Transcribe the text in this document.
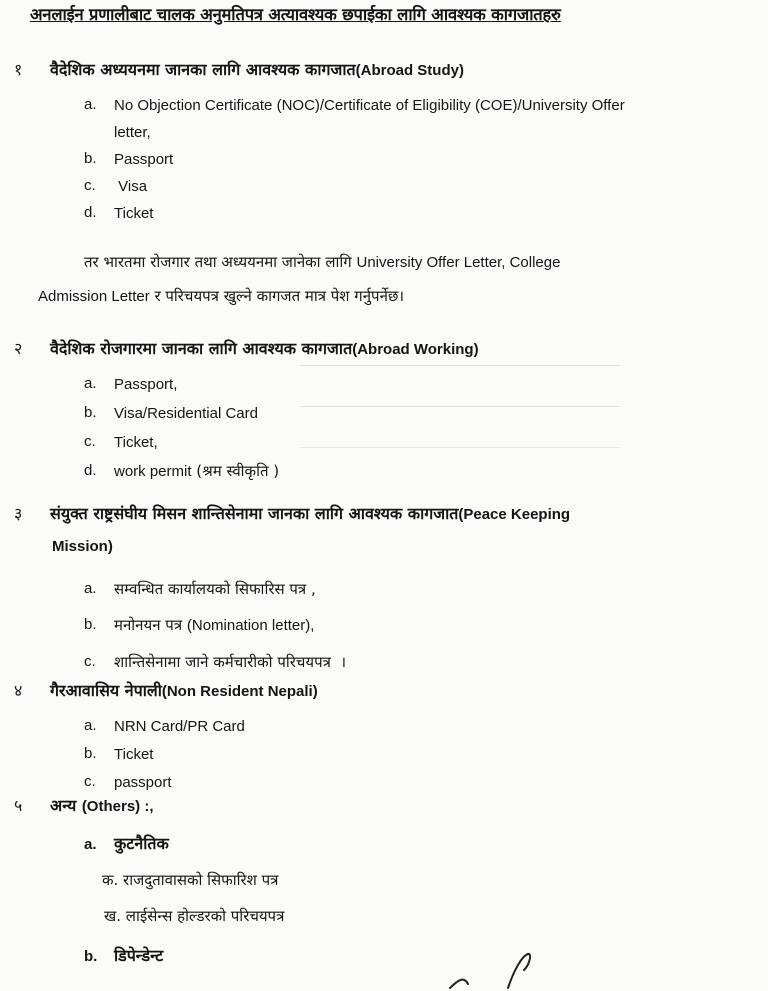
अनलाईन प्रणालीबाट चालक अनुमतिपत्र अत्यावश्यक छपाईका लागि आवश्यक कागजातहरु
१ वैदेशिक अध्ययनमा जानका लागि आवश्यक कागजात(Abroad Study)
a.	No Objection Certificate (NOC)/Certificate of Eligibility (COE)/University Offer
letter,
b.	Passport
c.	Visa
d.	Ticket
तर भारतमा रोजगार तथा अध्ययनमा जानेका लागि University Offer Letter, College
Admission Letter र परिचयपत्र खुल्ने कागजत मात्र पेश गर्नुपर्नेछ।
२ वैदेशिक रोजगारमा जानका लागि आवश्यक कागजात(Abroad Working)
a.	Passport,
b.	Visa/Residential Card
c.	Ticket,
d.	work permit (श्रम स्वीकृति )
३ संयुक्त राष्ट्रसंघीय मिसन शान्तिसेनामा जानका लागि आवश्यक कागजात(Peace Keeping
Mission)
a.	सम्वन्धित कार्यालयको सिफारिस पत्र ,
b.	मनोनयन पत्र (Nomination letter),
c.	शान्तिसेनामा जाने कर्मचारीको परिचयपत्र  ।
४ गैरआवासिय नेपाली(Non Resident Nepali)
a.	NRN Card/PR Card
b.	Ticket
c.	passport
५ अन्य (Others) :,
a. कुटनैतिक
क. राजदुतावासको सिफारिश पत्र
ख. लाईसेन्स होल्डरको परिचयपत्र
b. डिपेन्डेन्ट
